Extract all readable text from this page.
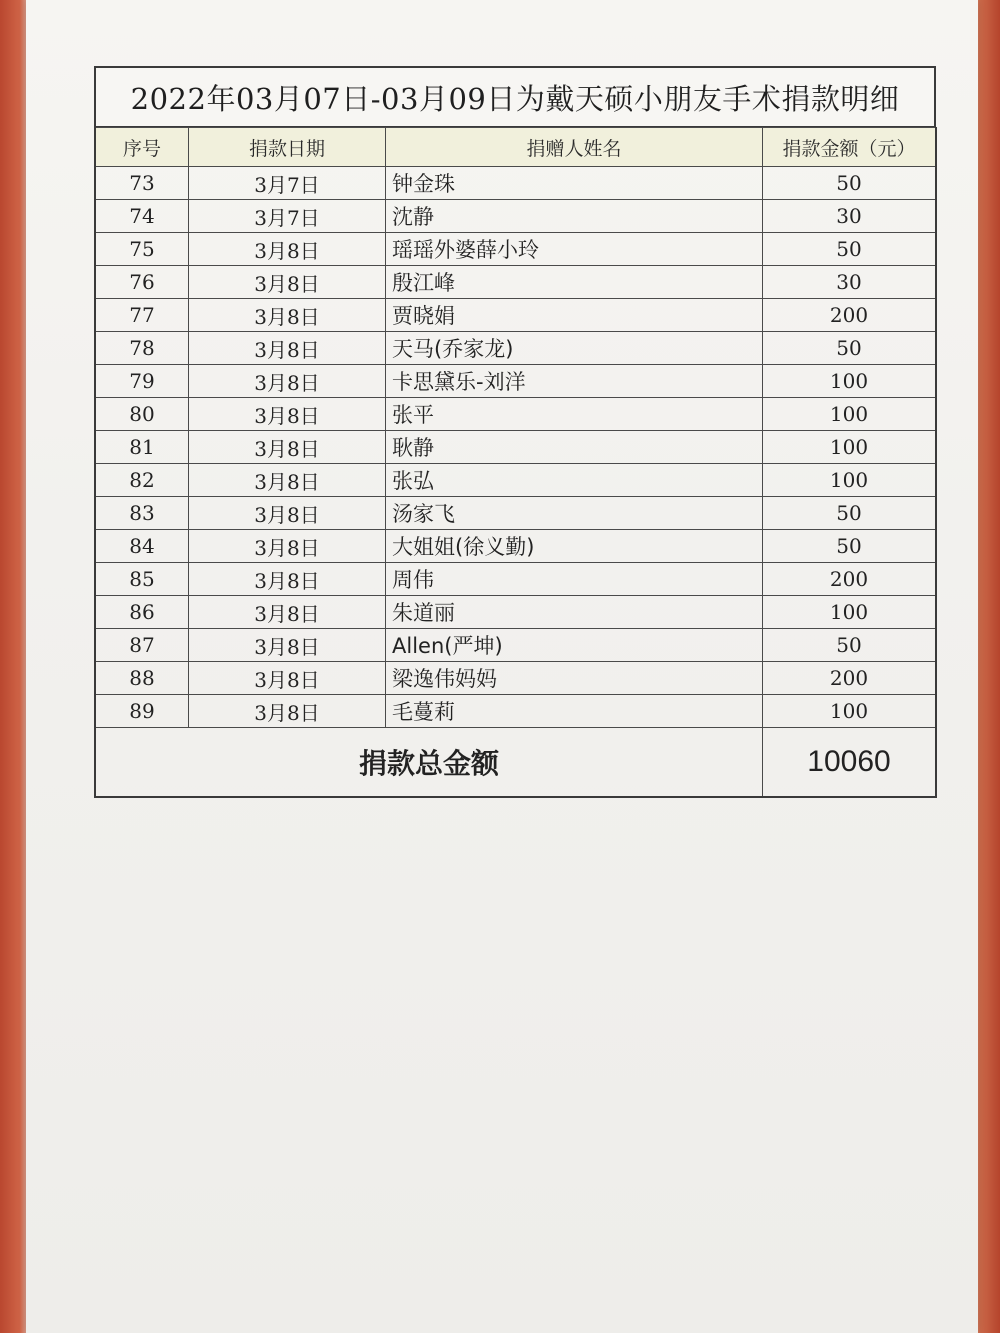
2022年03月07日-03月09日为戴天硕小朋友手术捐款明细
序号	捐款日期	捐赠人姓名	捐款金额（元）
73	3月7日	钟金珠	50
74	3月7日	沈静	30
75	3月8日	瑶瑶外婆薛小玲	50
76	3月8日	殷江峰	30
77	3月8日	贾晓娟	200
78	3月8日	天马(乔家龙)	50
79	3月8日	卡思黛乐-刘洋	100
80	3月8日	张平	100
81	3月8日	耿静	100
82	3月8日	张弘	100
83	3月8日	汤家飞	50
84	3月8日	大姐姐(徐义勤)	50
85	3月8日	周伟	200
86	3月8日	朱道丽	100
87	3月8日	Allen(严坤)	50
88	3月8日	梁逸伟妈妈	200
89	3月8日	毛蔓莉	100
捐款总金额			10060
